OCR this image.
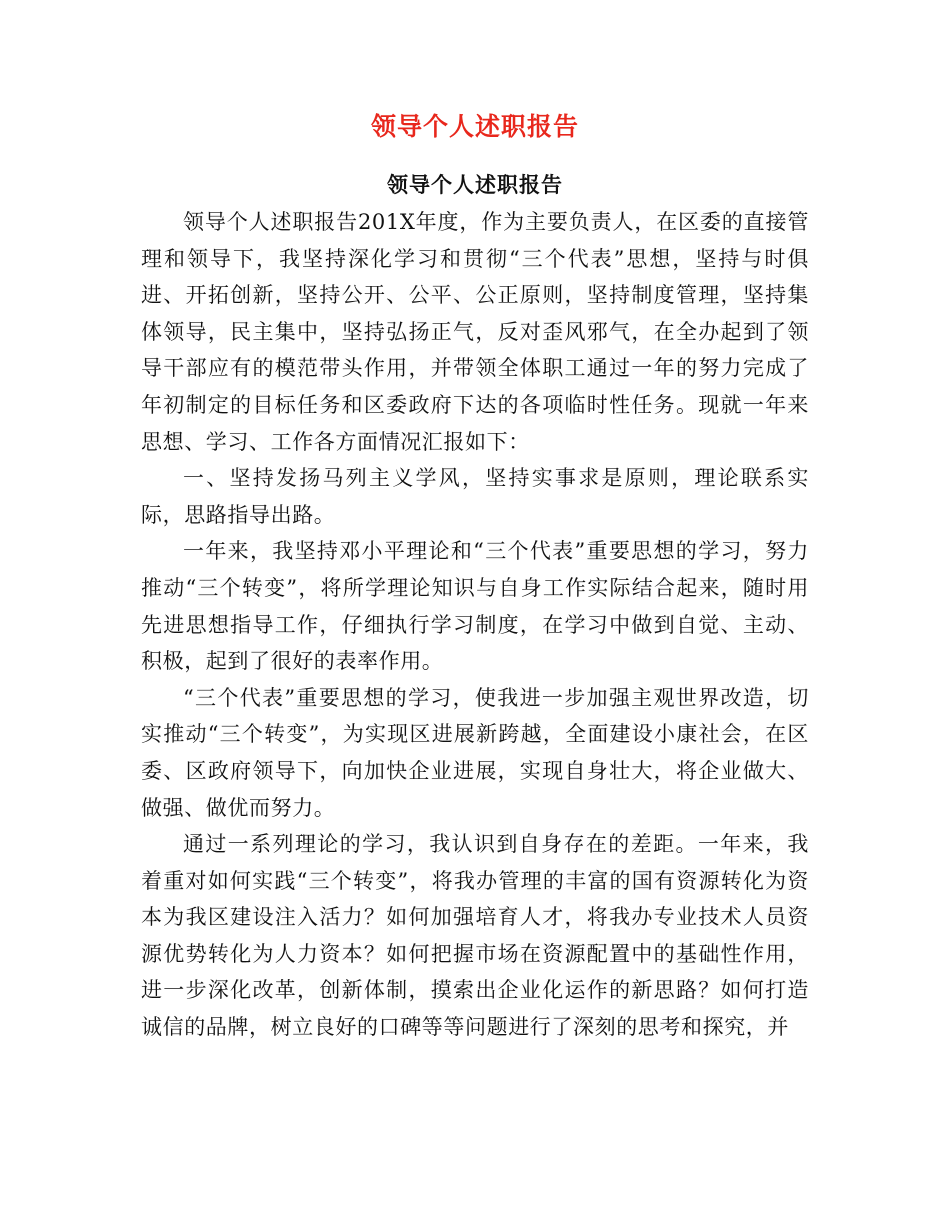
领导个人述职报告
领导个人述职报告

领导个人述职报告201X年度，作为主要负责人，在区委的直接管理和领导下，我坚持深化学习和贯彻“三个代表”思想，坚持与时俱进、开拓创新，坚持公开、公平、公正原则，坚持制度管理，坚持集体领导，民主集中，坚持弘扬正气，反对歪风邪气，在全办起到了领导干部应有的模范带头作用，并带领全体职工通过一年的努力完成了年初制定的目标任务和区委政府下达的各项临时性任务。现就一年来思想、学习、工作各方面情况汇报如下：

一、坚持发扬马列主义学风，坚持实事求是原则，理论联系实际，思路指导出路。

一年来，我坚持邓小平理论和“三个代表”重要思想的学习，努力推动“三个转变”，将所学理论知识与自身工作实际结合起来，随时用先进思想指导工作，仔细执行学习制度，在学习中做到自觉、主动、积极，起到了很好的表率作用。

“三个代表”重要思想的学习，使我进一步加强主观世界改造，切实推动“三个转变”，为实现区进展新跨越，全面建设小康社会，在区委、区政府领导下，向加快企业进展，实现自身壮大，将企业做大、做强、做优而努力。

通过一系列理论的学习，我认识到自身存在的差距。一年来，我着重对如何实践“三个转变”，将我办管理的丰富的国有资源转化为资本为我区建设注入活力？如何加强培育人才，将我办专业技术人员资源优势转化为人力资本？如何把握市场在资源配置中的基础性作用，进一步深化改革，创新体制，摸索出企业化运作的新思路？如何打造诚信的品牌，树立良好的口碑等等问题进行了深刻的思考和探究，并
